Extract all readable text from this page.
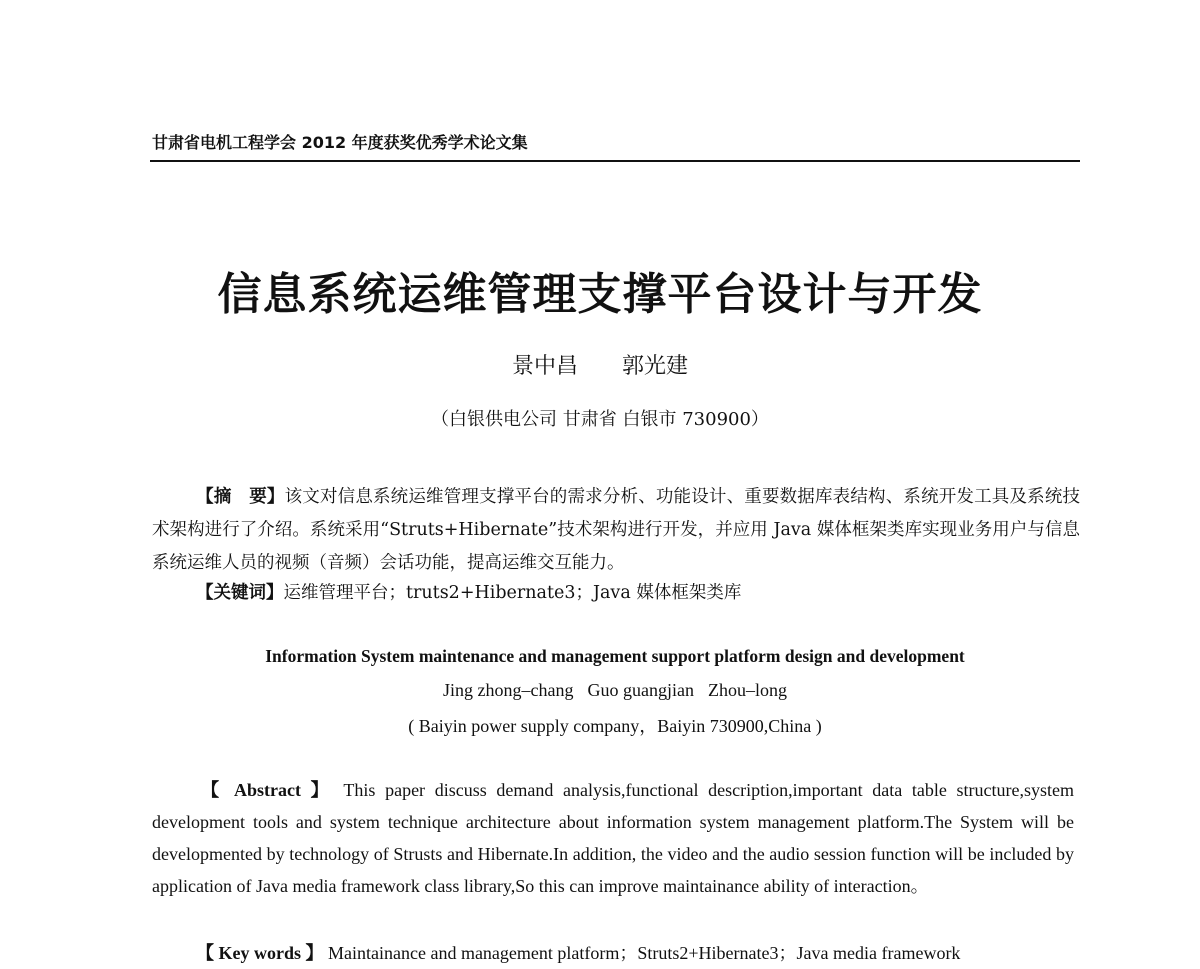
甘肃省电机工程学会 2012 年度获奖优秀学术论文集
信息系统运维管理支撑平台设计与开发
景中昌 郭光建
（白银供电公司 甘肃省 白银市 730900）
【摘　要】该文对信息系统运维管理支撑平台的需求分析、功能设计、重要数据库表结构、系统开发工具及系统技术架构进行了介绍。系统采用“Struts+Hibernate”技术架构进行开发，并应用 Java 媒体框架类库实现业务用户与信息系统运维人员的视频（音频）会话功能，提高运维交互能力。
【关键词】运维管理平台；truts2+Hibernate3；Java 媒体框架类库
Information System maintenance and management support platform design and development
Jing zhong–chang Guo guangjian Zhou–long
( Baiyin power supply company，Baiyin 730900,China )
【 Abstract 】 This paper discuss demand analysis,functional description,important data table structure,system development tools and system technique architecture about information system management platform.The System will be developmented by technology of Strusts and Hibernate.In addition, the video and the audio session function will be included by application of Java media framework class library,So this can improve maintainance ability of interaction。
【 Key words 】 Maintainance and management platform；Struts2+Hibernate3；Java media framework
